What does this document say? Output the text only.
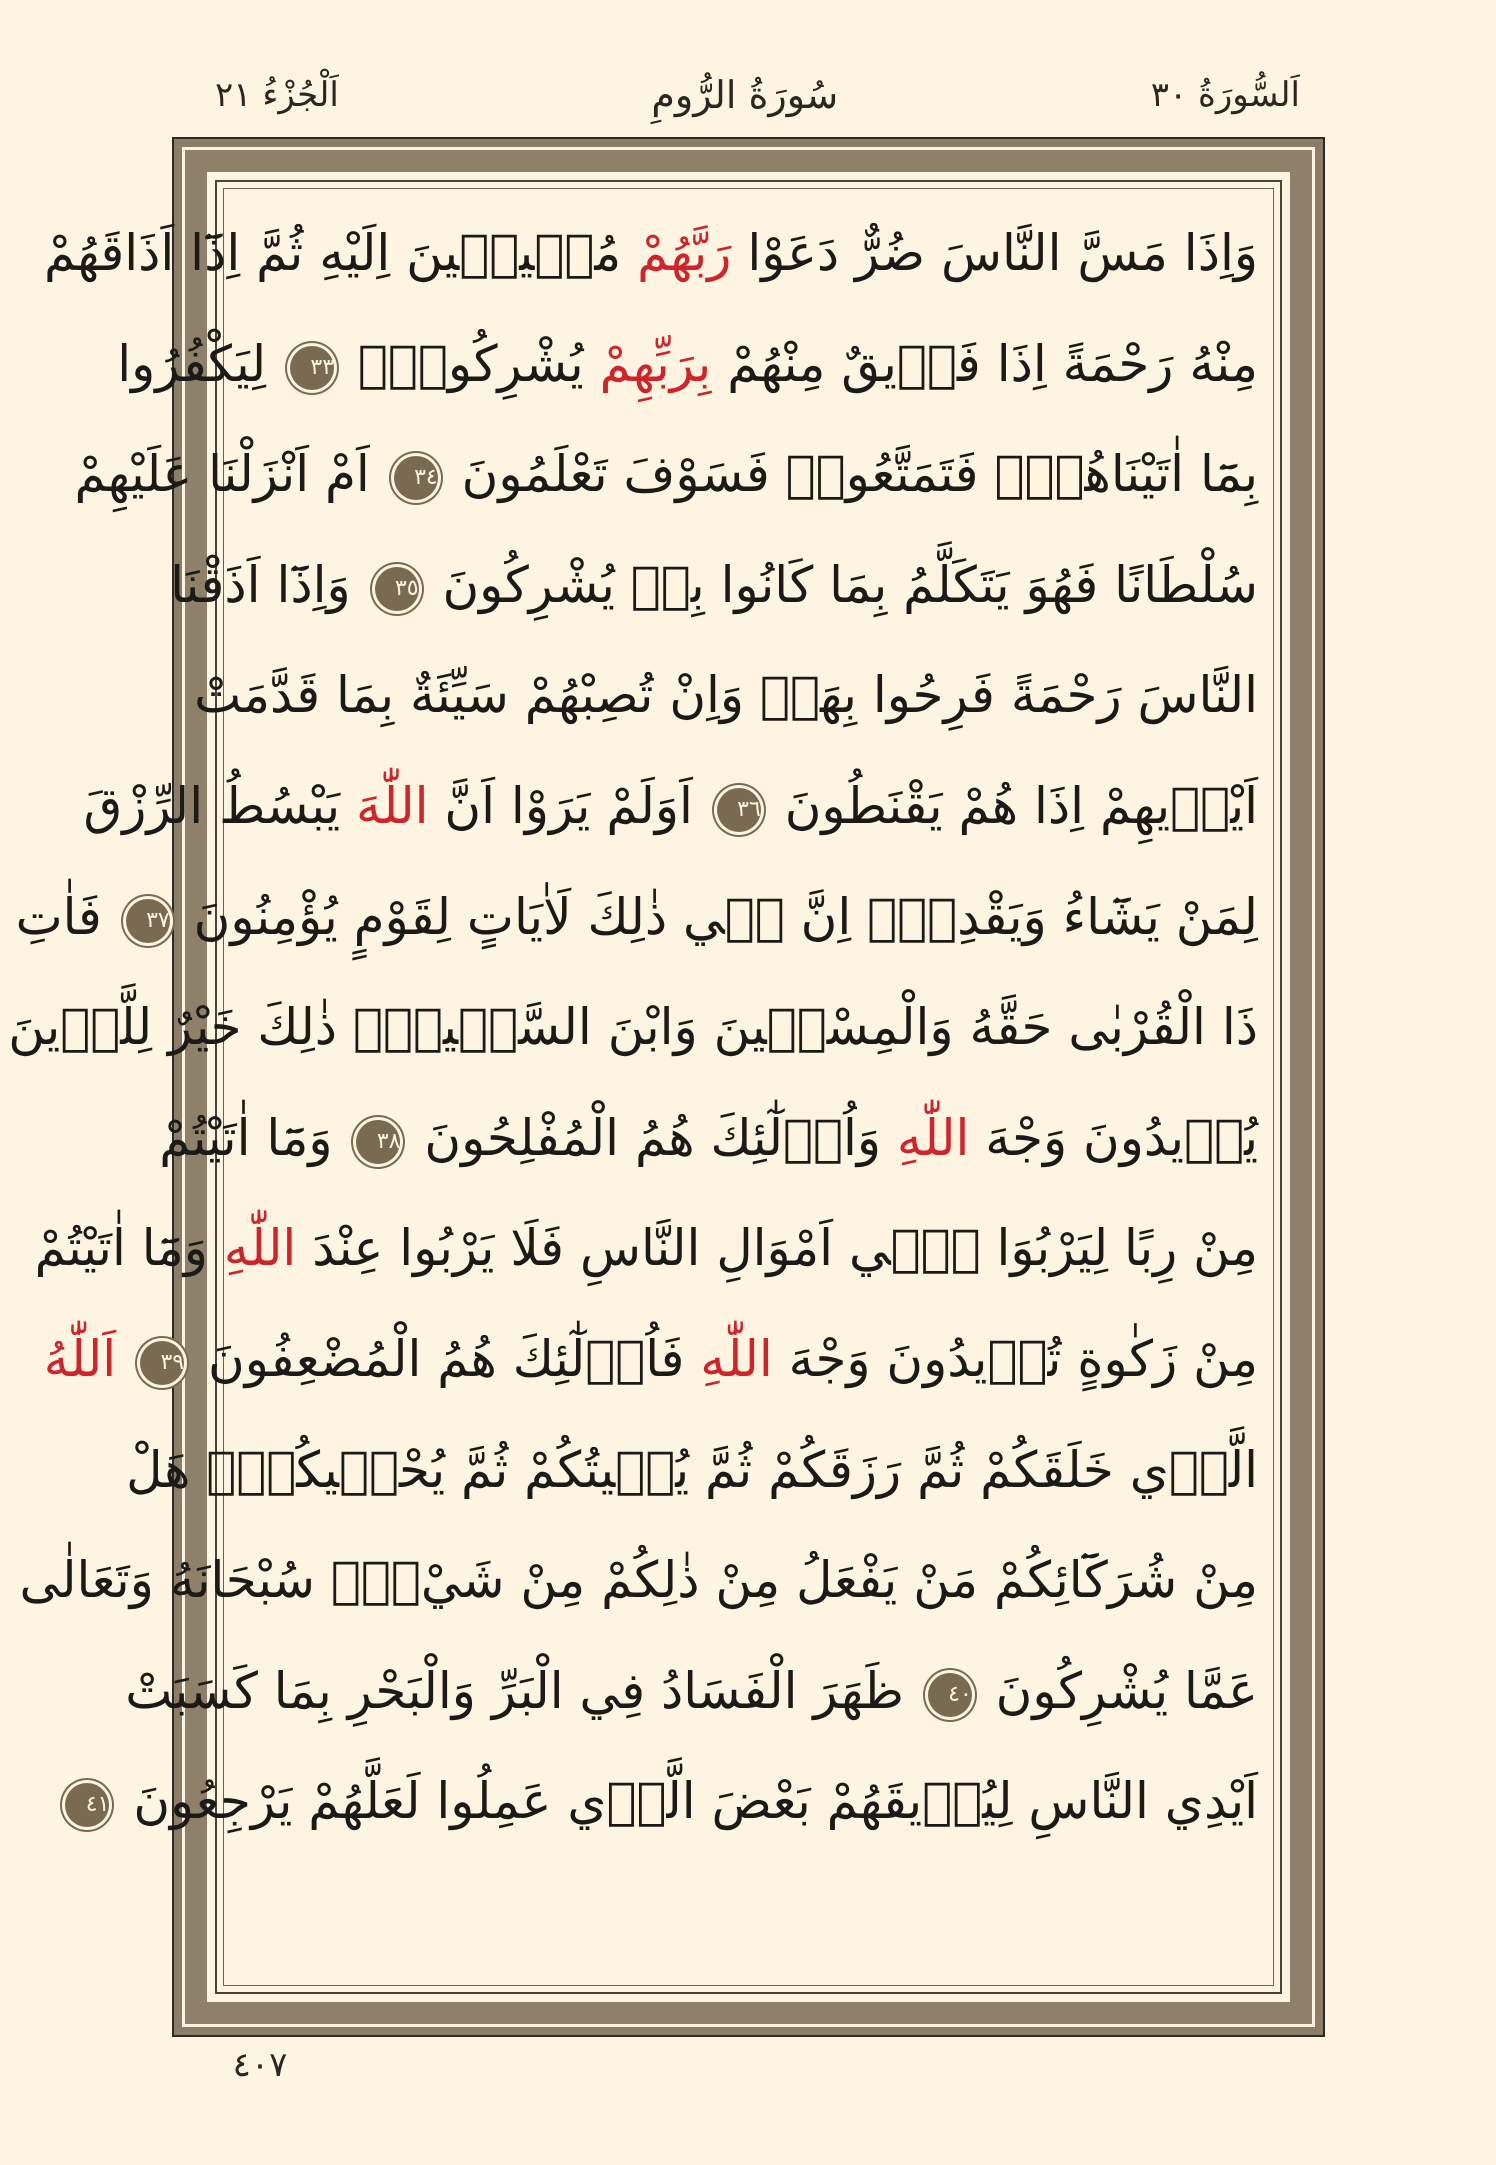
اَلسُّورَةُ ٣٠
سُورَةُ الرُّومِ
اَلْجُزْءُ ٢١
وَاِذَا مَسَّ النَّاسَ ضُرٌّ دَعَوْا رَبَّهُمْ مُنٖيبٖينَ اِلَيْهِ ثُمَّ اِذَٓا اَذَاقَهُمْ
مِنْهُ رَحْمَةً اِذَا فَرٖيقٌ مِنْهُمْ بِرَبِّهِمْ يُشْرِكُونَۙ ٣٣ لِيَكْفُرُوا
بِمَٓا اٰتَيْنَاهُمْۜ فَتَمَتَّعُواۙ فَسَوْفَ تَعْلَمُونَ ٣٤ اَمْ اَنْزَلْنَا عَلَيْهِمْ
سُلْطَانًا فَهُوَ يَتَكَلَّمُ بِمَا كَانُوا بِهٖ يُشْرِكُونَ ٣٥ وَاِذَٓا اَذَقْنَا
النَّاسَ رَحْمَةً فَرِحُوا بِهَاۜ وَاِنْ تُصِبْهُمْ سَيِّئَةٌ بِمَا قَدَّمَتْ
اَيْدٖيهِمْ اِذَا هُمْ يَقْنَطُونَ ٣٦ اَوَلَمْ يَرَوْا اَنَّ اللّٰهَ يَبْسُطُ الرِّزْقَ
لِمَنْ يَشَٓاءُ وَيَقْدِرُۜ اِنَّ فٖي ذٰلِكَ لَاٰيَاتٍ لِقَوْمٍ يُؤْمِنُونَ ٣٧ فَاٰتِ
ذَا الْقُرْبٰى حَقَّهُ وَالْمِسْكٖينَ وَابْنَ السَّبٖيلِۜ ذٰلِكَ خَيْرٌ لِلَّذٖينَ
يُرٖيدُونَ وَجْهَ اللّٰهِ وَاُو۬لٰٓئِكَ هُمُ الْمُفْلِحُونَ ٣٨ وَمَٓا اٰتَيْتُمْ
مِنْ رِبًا لِيَرْبُوَا فٖٓي اَمْوَالِ النَّاسِ فَلَا يَرْبُوا عِنْدَ اللّٰهِ وَمَٓا اٰتَيْتُمْ
مِنْ زَكٰوةٍ تُرٖيدُونَ وَجْهَ اللّٰهِ فَاُو۬لٰٓئِكَ هُمُ الْمُضْعِفُونَ ٣٩ اَللّٰهُ
الَّذٖي خَلَقَكُمْ ثُمَّ رَزَقَكُمْ ثُمَّ يُمٖيتُكُمْ ثُمَّ يُحْيٖيكُمْۜ هَلْ
مِنْ شُرَكَٓائِكُمْ مَنْ يَفْعَلُ مِنْ ذٰلِكُمْ مِنْ شَيْءٍۜ سُبْحَانَهُ وَتَعَالٰى
عَمَّا يُشْرِكُونَ ٤٠ ظَهَرَ الْفَسَادُ فِي الْبَرِّ وَالْبَحْرِ بِمَا كَسَبَتْ
اَيْدِي النَّاسِ لِيُذٖيقَهُمْ بَعْضَ الَّذٖي عَمِلُوا لَعَلَّهُمْ يَرْجِعُونَ ٤١
٤٠٧
